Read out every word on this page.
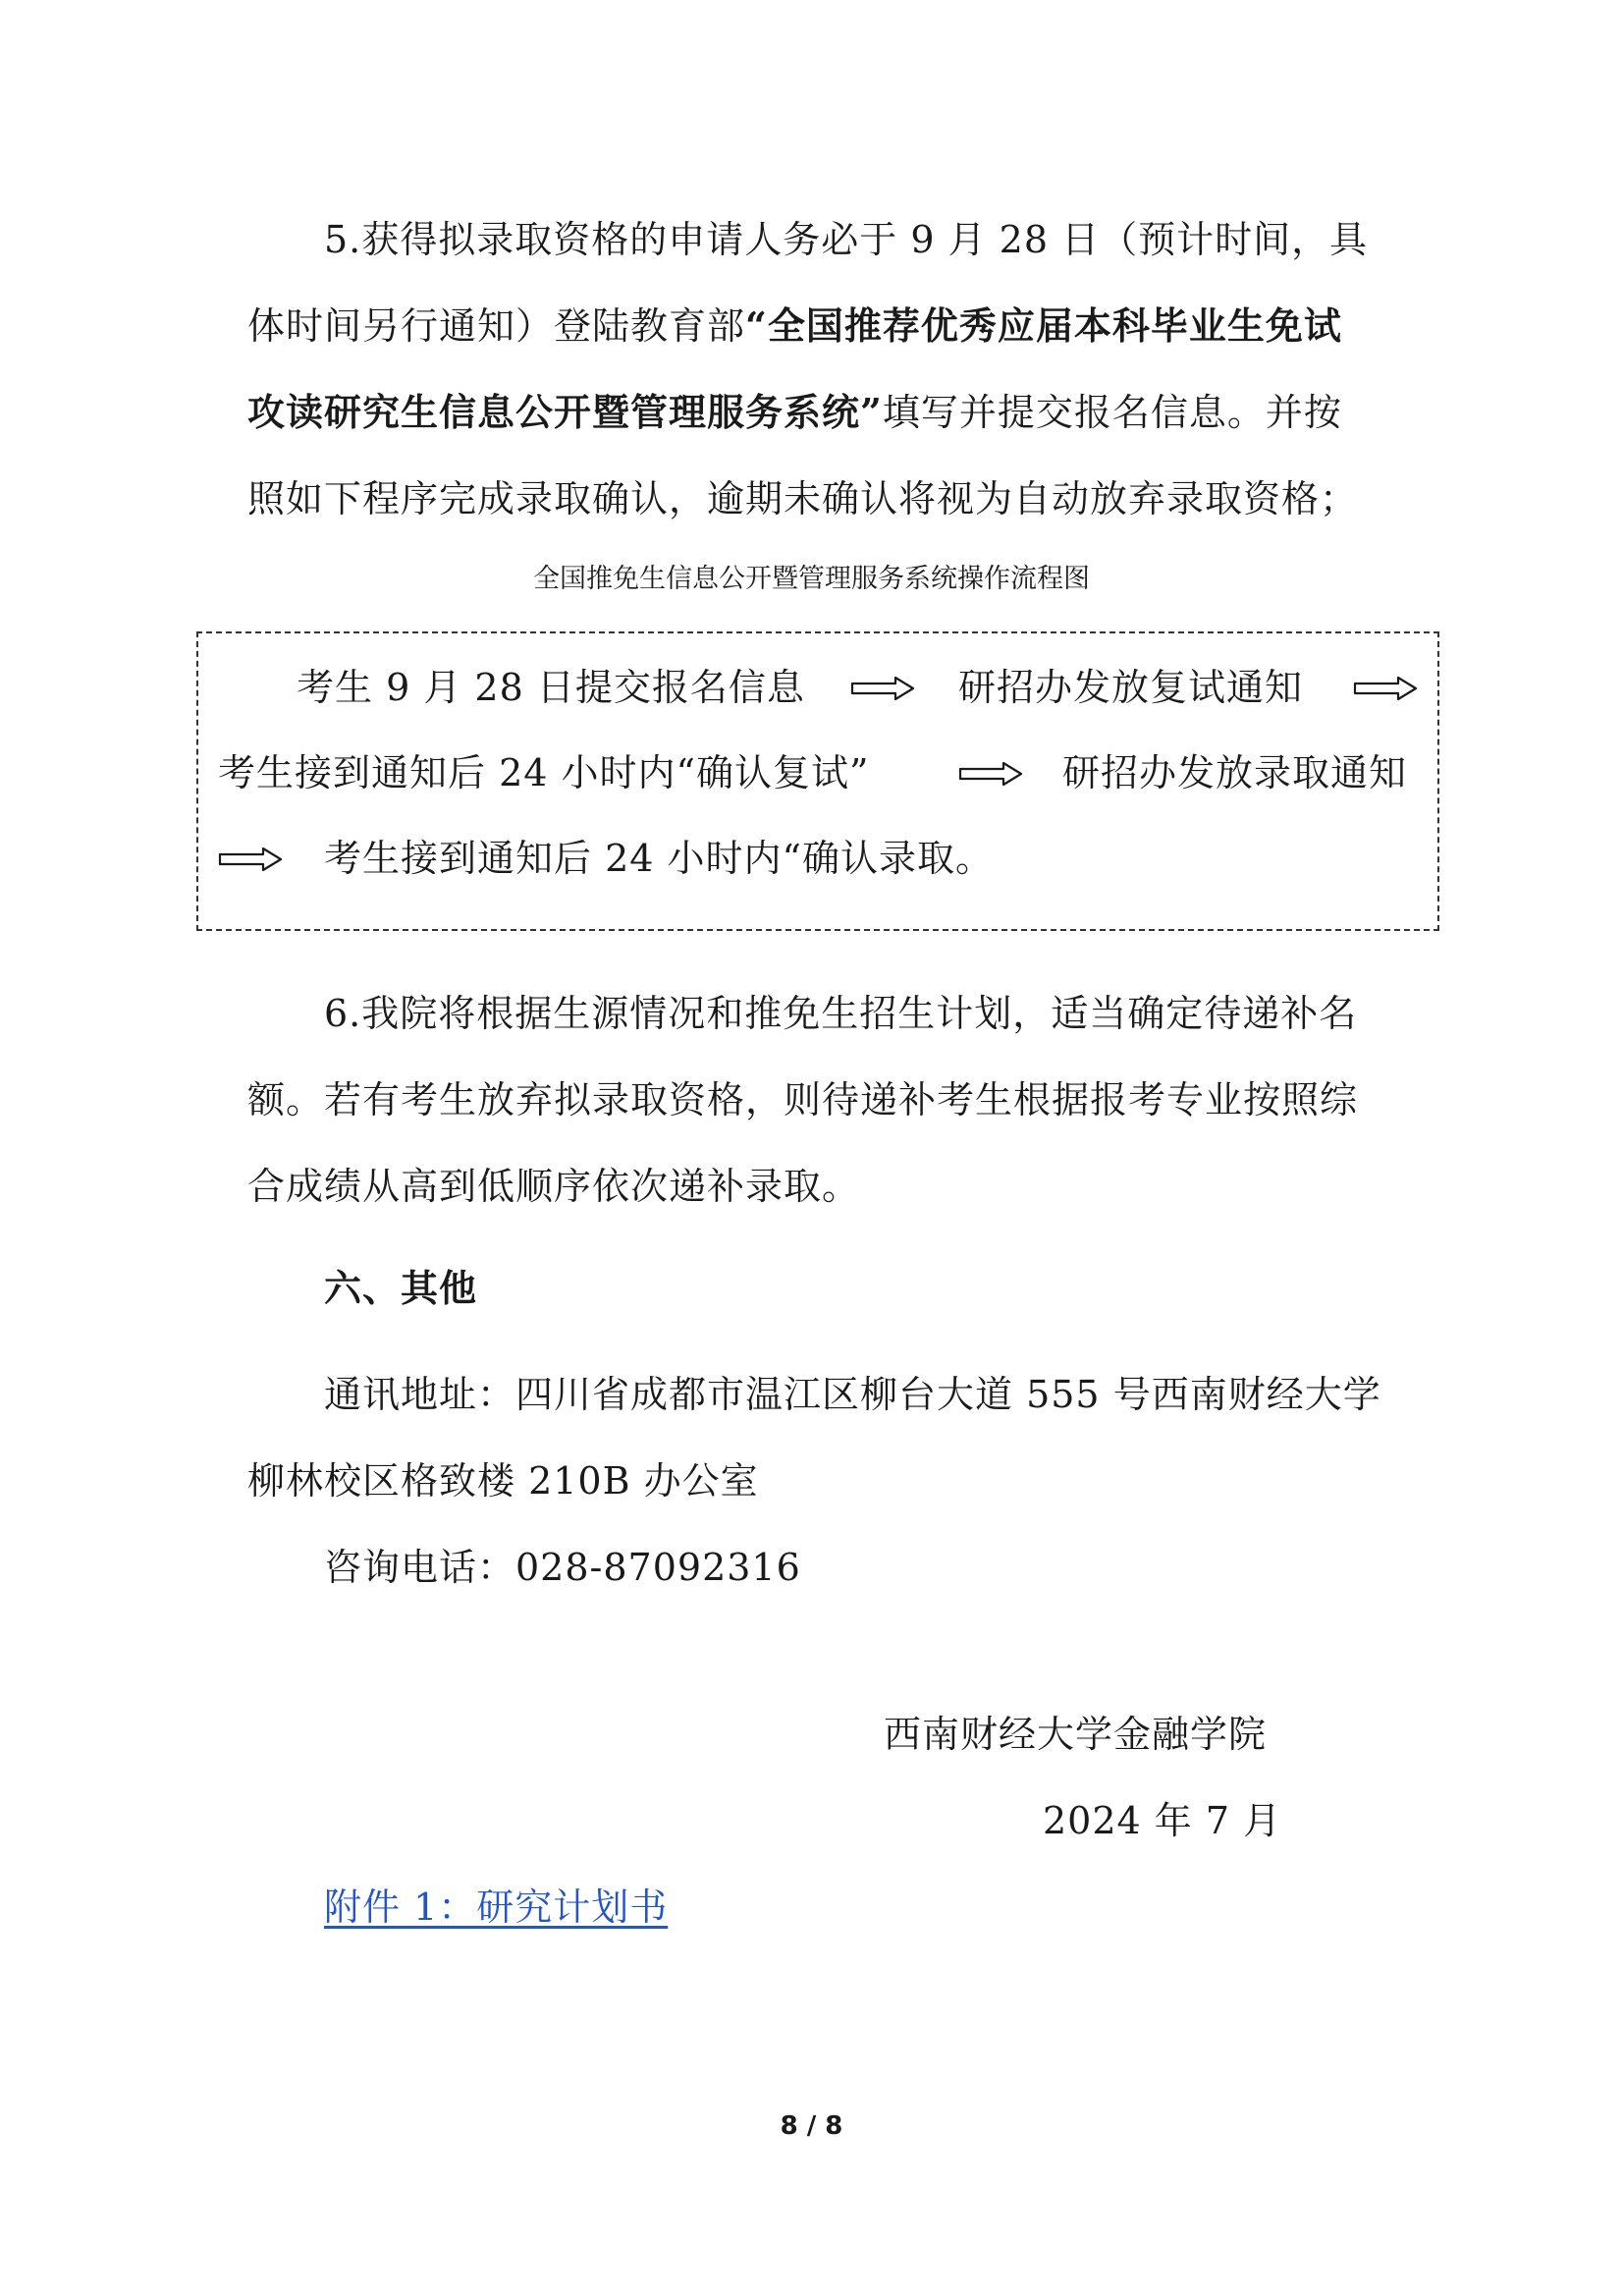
5.获得拟录取资格的申请人务必于 9 月 28 日（预计时间，具
体时间另行通知）登陆教育部“全国推荐优秀应届本科毕业生免试
攻读研究生信息公开暨管理服务系统”填写并提交报名信息。并按
照如下程序完成录取确认，逾期未确认将视为自动放弃录取资格；
全国推免生信息公开暨管理服务系统操作流程图
考生 9 月 28 日提交报名信息	研招办发放复试通知
考生接到通知后 24 小时内“确认复试”	研招办发放录取通知
考生接到通知后 24 小时内“确认录取。
6.我院将根据生源情况和推免生招生计划，适当确定待递补名
额。若有考生放弃拟录取资格，则待递补考生根据报考专业按照综
合成绩从高到低顺序依次递补录取。
六、其他
通讯地址：四川省成都市温江区柳台大道 555 号西南财经大学
柳林校区格致楼 210B 办公室
咨询电话：028-87092316
西南财经大学金融学院
2024 年 7 月
附件 1：研究计划书
8 / 8
